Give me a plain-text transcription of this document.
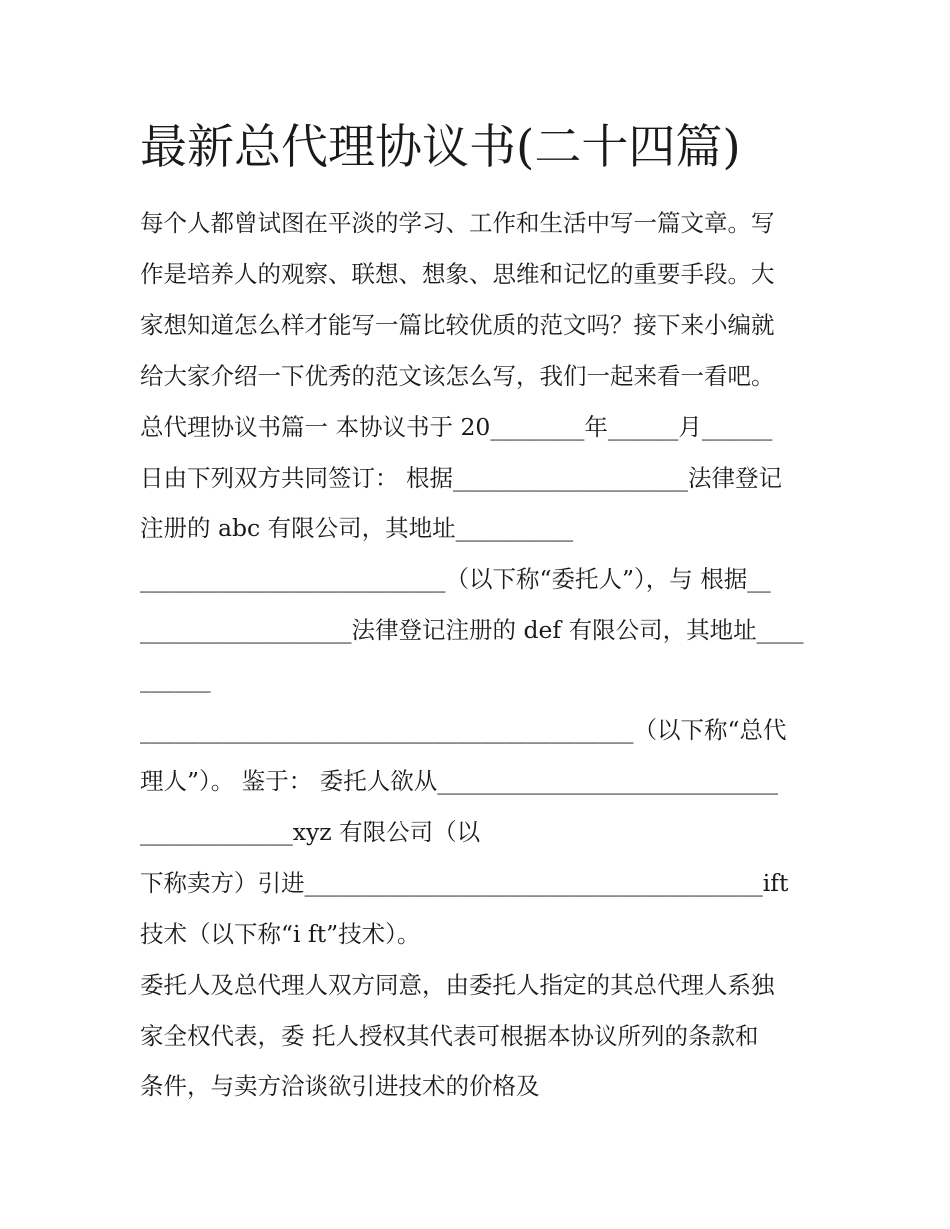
最新总代理协议书(二十四篇)

每个人都曾试图在平淡的学习、工作和生活中写一篇文章。写

作是培养人的观察、联想、想象、思维和记忆的重要手段。大

家想知道怎么样才能写一篇比较优质的范文吗？接下来小编就

给大家介绍一下优秀的范文该怎么写，我们一起来看一看吧。

总代理协议书篇一 本协议书于 20________年______月______

日由下列双方共同签订： 根据____________________法律登记

注册的 abc 有限公司，其地址__________

__________________________（以下称“委托人”），与 根据__

__________________法律登记注册的 def 有限公司，其地址____

______

__________________________________________（以下称“总代

理人”）。 鉴于： 委托人欲从_____________________________

_____________xyz 有限公司（以

下称卖方）引进_______________________________________ift

技术（以下称“i ft”技术）。

委托人及总代理人双方同意，由委托人指定的其总代理人系独

家全权代表，委 托人授权其代表可根据本协议所列的条款和

条件，与卖方洽谈欲引进技术的价格及
